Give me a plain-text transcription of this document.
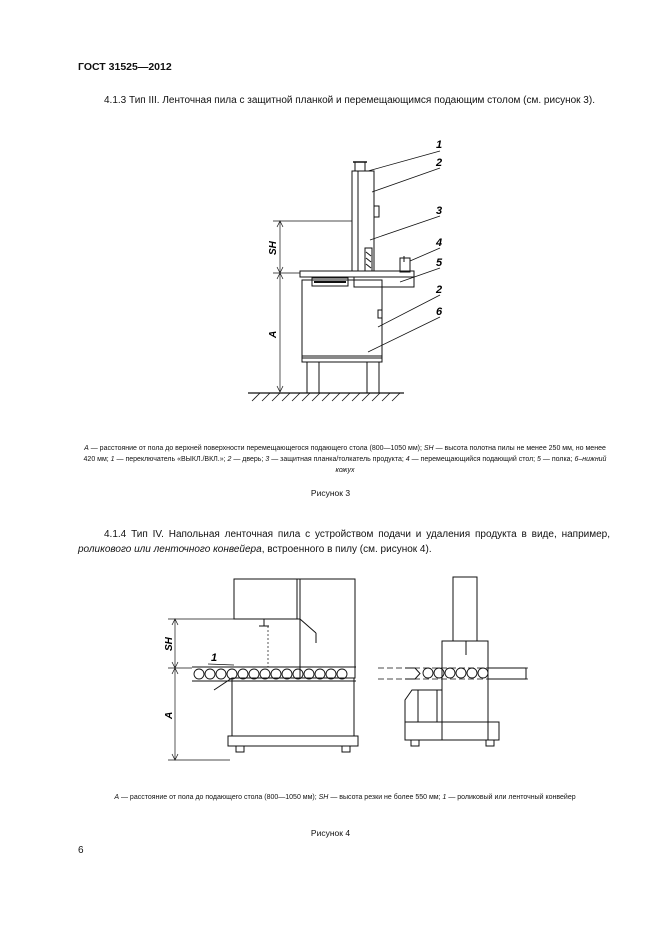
ГОСТ 31525—2012
4.1.3 Тип III. Ленточная пила с защитной планкой и перемещающимся подающим столом (см. рисунок 3).
1
2
3
4
5
2
6
SH
A
A — расстояние от пола до верхней поверхности перемещающегося подающего стола (800—1050 мм); SH — высота полотна пилы не менее 250 мм, но менее 420 мм; 1 — переключатель «ВЫКЛ./ВКЛ.»; 2 — дверь; 3 — защитная планка/толкатель продукта; 4 — перемещающийся подающий стол; 5 — полка; 6–нижний кожух
Рисунок 3
4.1.4 Тип IV. Напольная ленточная пила с устройством подачи и удаления продукта в виде, например, роликового или ленточного конвейера, встроенного в пилу (см. рисунок 4).
1
SH
A
A — расстояние от пола до подающего стола (800—1050 мм); SH — высота резки не более 550 мм; 1 — роликовый или ленточный конвейер
Рисунок 4
6
